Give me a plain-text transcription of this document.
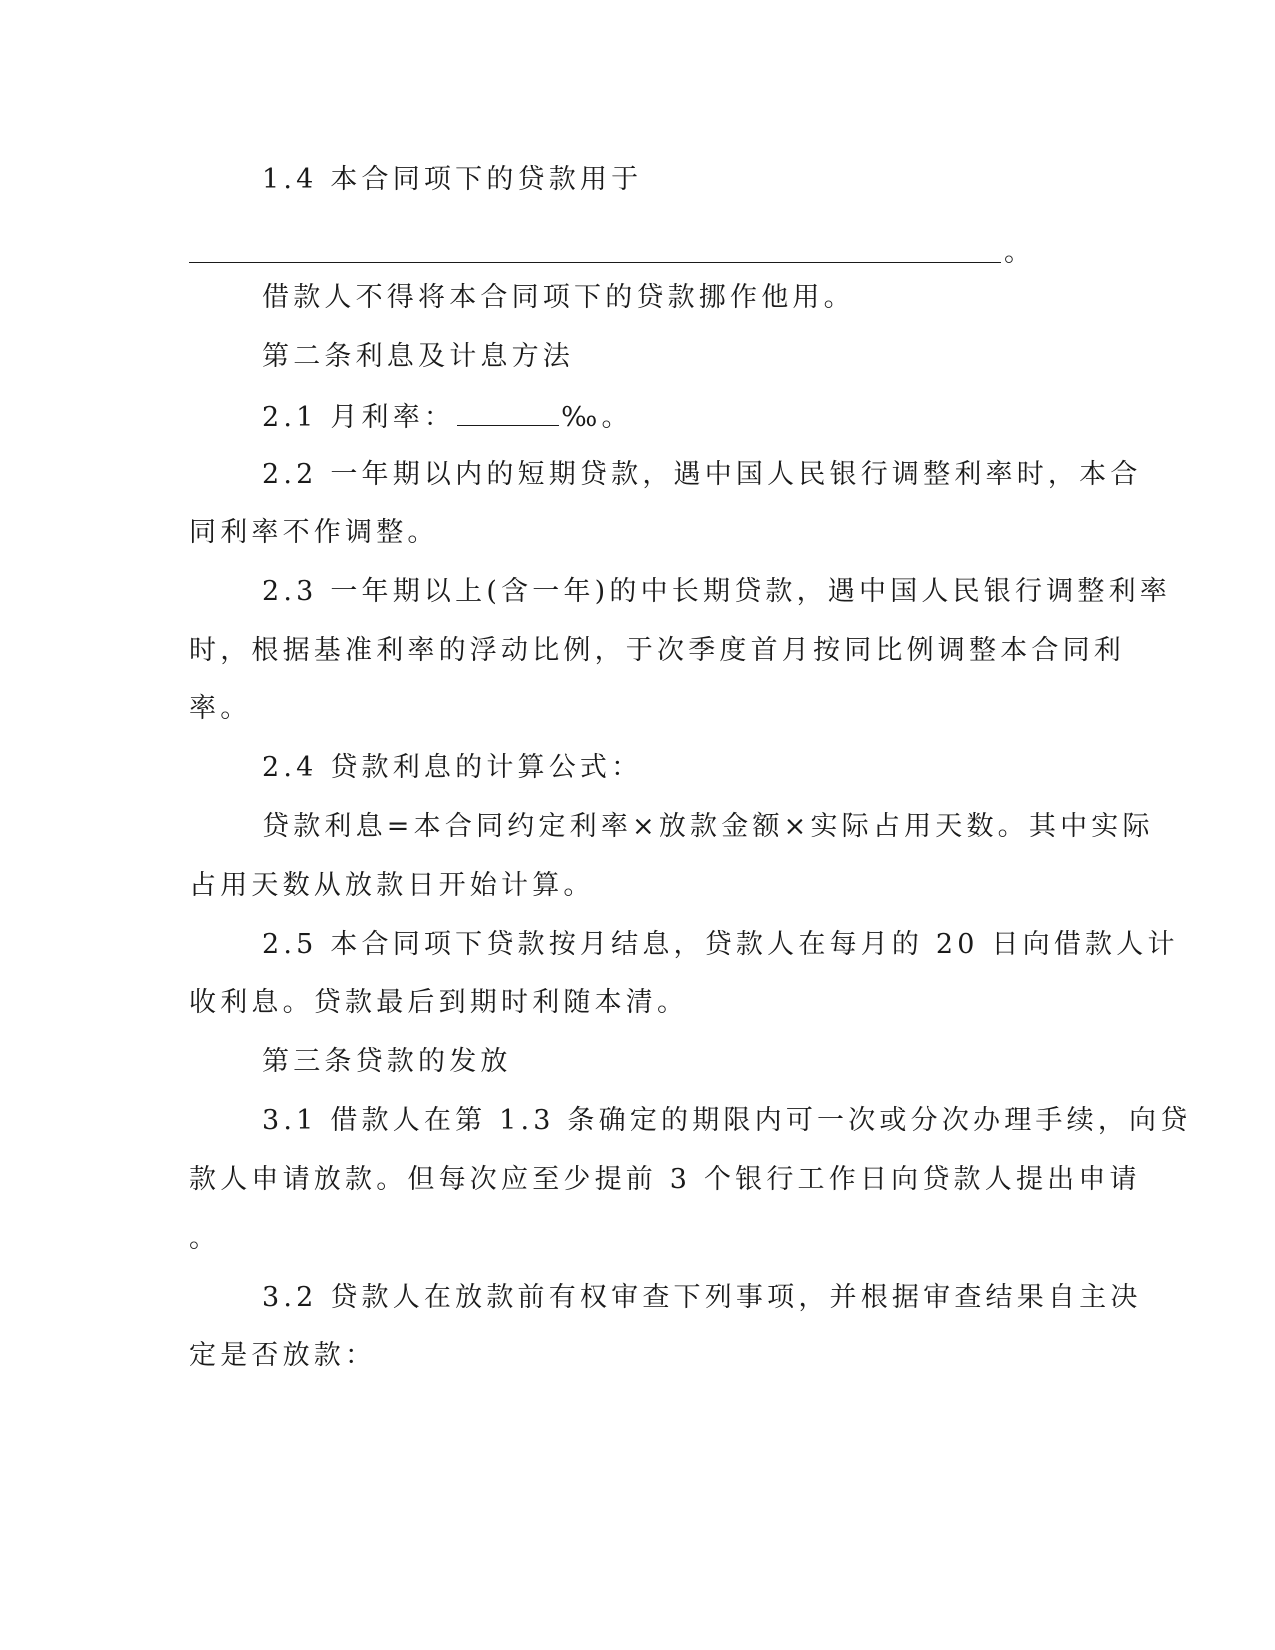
1.4 本合同项下的贷款用于
。
借款人不得将本合同项下的贷款挪作他用。
第二条利息及计息方法
2.1 月利率：	‰。
2.2 一年期以内的短期贷款，遇中国人民银行调整利率时，本合
同利率不作调整。
2.3 一年期以上(含一年)的中长期贷款，遇中国人民银行调整利率
时，根据基准利率的浮动比例，于次季度首月按同比例调整本合同利
率。
2.4 贷款利息的计算公式：
贷款利息=本合同约定利率×放款金额×实际占用天数。其中实际
占用天数从放款日开始计算。
2.5 本合同项下贷款按月结息，贷款人在每月的 20 日向借款人计
收利息。贷款最后到期时利随本清。
第三条贷款的发放
3.1 借款人在第 1.3 条确定的期限内可一次或分次办理手续，向贷
款人申请放款。但每次应至少提前 3 个银行工作日向贷款人提出申请
。
3.2 贷款人在放款前有权审查下列事项，并根据审查结果自主决
定是否放款：
